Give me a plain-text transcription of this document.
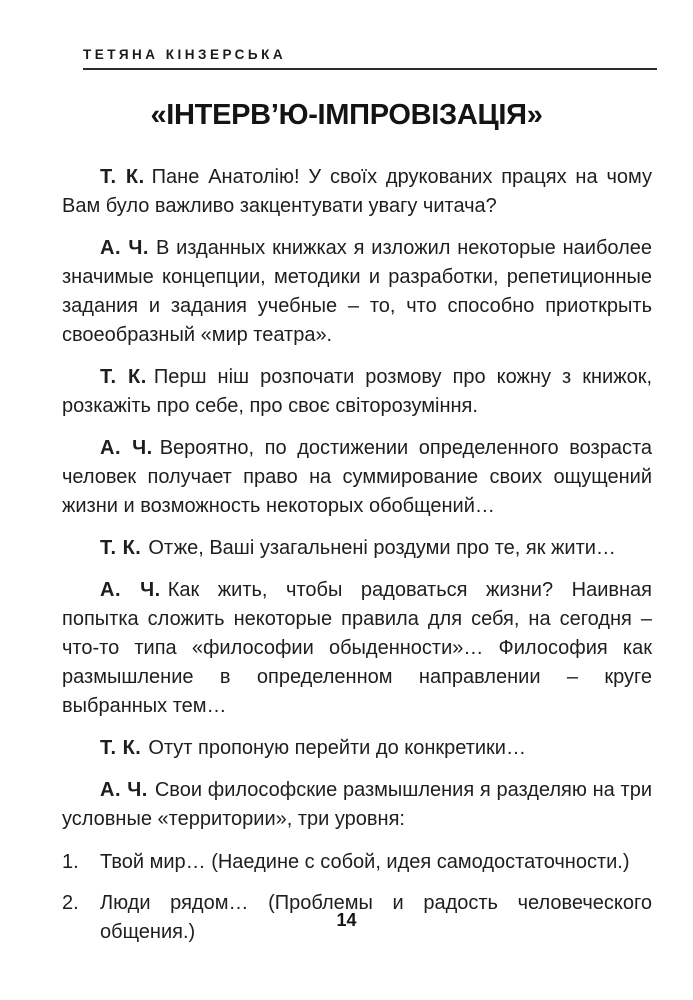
ТЕТЯНА КІНЗЕРСЬКА
«ІНТЕРВ’Ю-ІМПРОВІЗАЦІЯ»

Т. К. Пане Анатолію! У своїх друкованих працях на чому Вам було важливо закцентувати увагу читача?

А. Ч. В изданных книжках я изложил некоторые наиболее значимые концепции, методики и разработки, репетиционные задания и задания учебные – то, что способно приоткрыть своеобразный «мир театра».

Т. К. Перш ніш розпочати розмову про кожну з книжок, розкажіть про себе, про своє світорозуміння.

А. Ч. Вероятно, по достижении определенного возраста человек получает право на суммирование своих ощущений жизни и возможность некоторых обобщений…

Т. К. Отже, Ваші узагальнені роздуми про те, як жити…

А. Ч. Как жить, чтобы радоваться жизни? Наивная попытка сложить некоторые правила для себя, на сегодня – что-то типа «философии обыденности»… Философия как размышление в определенном направлении – круге выбранных тем…

Т. К. Отут пропоную перейти до конкретики…

А. Ч. Свои философские размышления я разделяю на три условные «территории», три уровня:

1.	Твой мир… (Наедине с собой, идея самодостаточности.)
2.	Люди рядом… (Проблемы и радость человеческого общения.)
14
